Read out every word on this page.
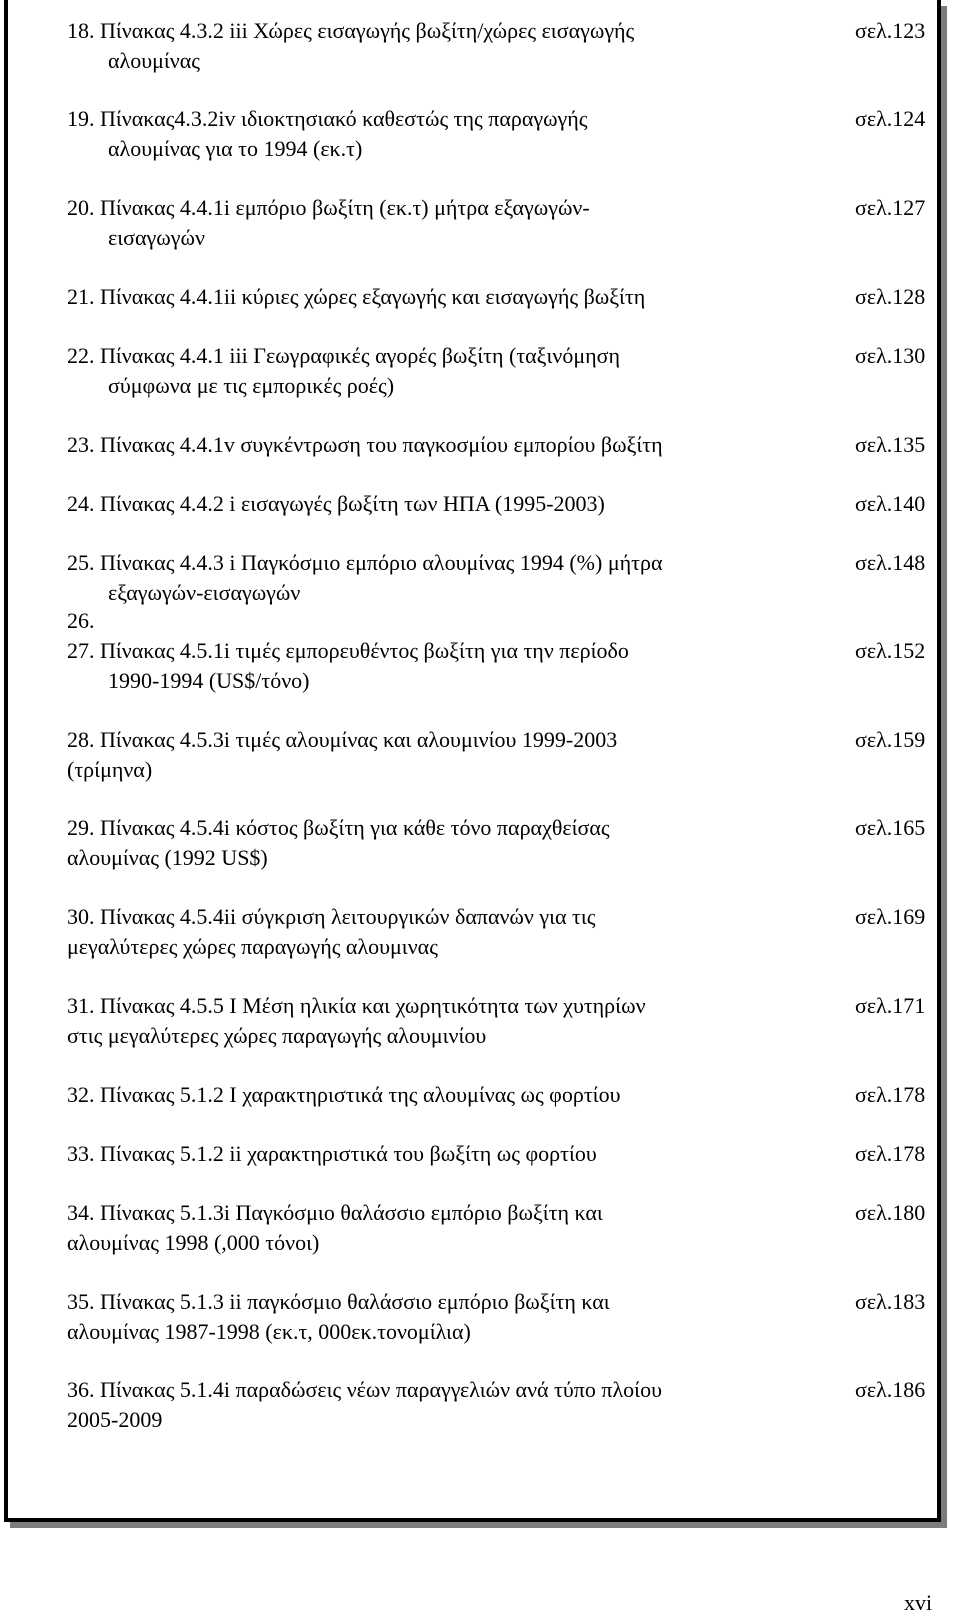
18. Πίνακας 4.3.2 iii Χώρες εισαγωγής βωξίτη/χώρες εισαγωγής
αλουμίνας
σελ.123
19. Πίνακας4.3.2iv ιδιοκτησιακό καθεστώς της παραγωγής
αλουμίνας για το 1994 (εκ.τ)
σελ.124
20. Πίνακας 4.4.1i εμπόριο βωξίτη (εκ.τ) μήτρα εξαγωγών-
εισαγωγών
σελ.127
21. Πίνακας 4.4.1ii κύριες χώρες εξαγωγής και εισαγωγής βωξίτη	σελ.128
22. Πίνακας 4.4.1 iii Γεωγραφικές αγορές βωξίτη (ταξινόμηση
σύμφωνα με τις εμπορικές ροές)
σελ.130
23. Πίνακας 4.4.1v συγκέντρωση του παγκοσμίου εμπορίου βωξίτη	σελ.135
24. Πίνακας 4.4.2 i εισαγωγές βωξίτη των ΗΠΑ (1995-2003)	σελ.140
25. Πίνακας 4.4.3 i Παγκόσμιο εμπόριο αλουμίνας 1994 (%) μήτρα
εξαγωγών-εισαγωγών
σελ.148
26.
27. Πίνακας 4.5.1i τιμές εμπορευθέντος βωξίτη για την περίοδο
1990-1994 (US$/τόνο)
σελ.152
28. Πίνακας 4.5.3i τιμές αλουμίνας και αλουμινίου 1999-2003
(τρίμηνα)
σελ.159
29. Πίνακας 4.5.4i κόστος βωξίτη για κάθε τόνο παραχθείσας
αλουμίνας (1992 US$)
σελ.165
30. Πίνακας 4.5.4ii σύγκριση λειτουργικών δαπανών για τις
μεγαλύτερες χώρες παραγωγής αλουμινας
σελ.169
31. Πίνακας 4.5.5 Ι Μέση ηλικία και χωρητικότητα των χυτηρίων
στις μεγαλύτερες χώρες παραγωγής αλουμινίου
σελ.171
32. Πίνακας 5.1.2 Ι χαρακτηριστικά της αλουμίνας ως φορτίου	σελ.178
33. Πίνακας 5.1.2 ii χαρακτηριστικά του βωξίτη ως φορτίου	σελ.178
34. Πίνακας 5.1.3i Παγκόσμιο θαλάσσιο εμπόριο βωξίτη και
αλουμίνας 1998 (,000 τόνοι)
σελ.180
35. Πίνακας 5.1.3 ii παγκόσμιο θαλάσσιο εμπόριο βωξίτη και
αλουμίνας 1987-1998 (εκ.τ, 000εκ.τονομίλια)
σελ.183
36. Πίνακας 5.1.4i παραδώσεις νέων παραγγελιών ανά τύπο πλοίου
2005-2009
σελ.186
xvi
